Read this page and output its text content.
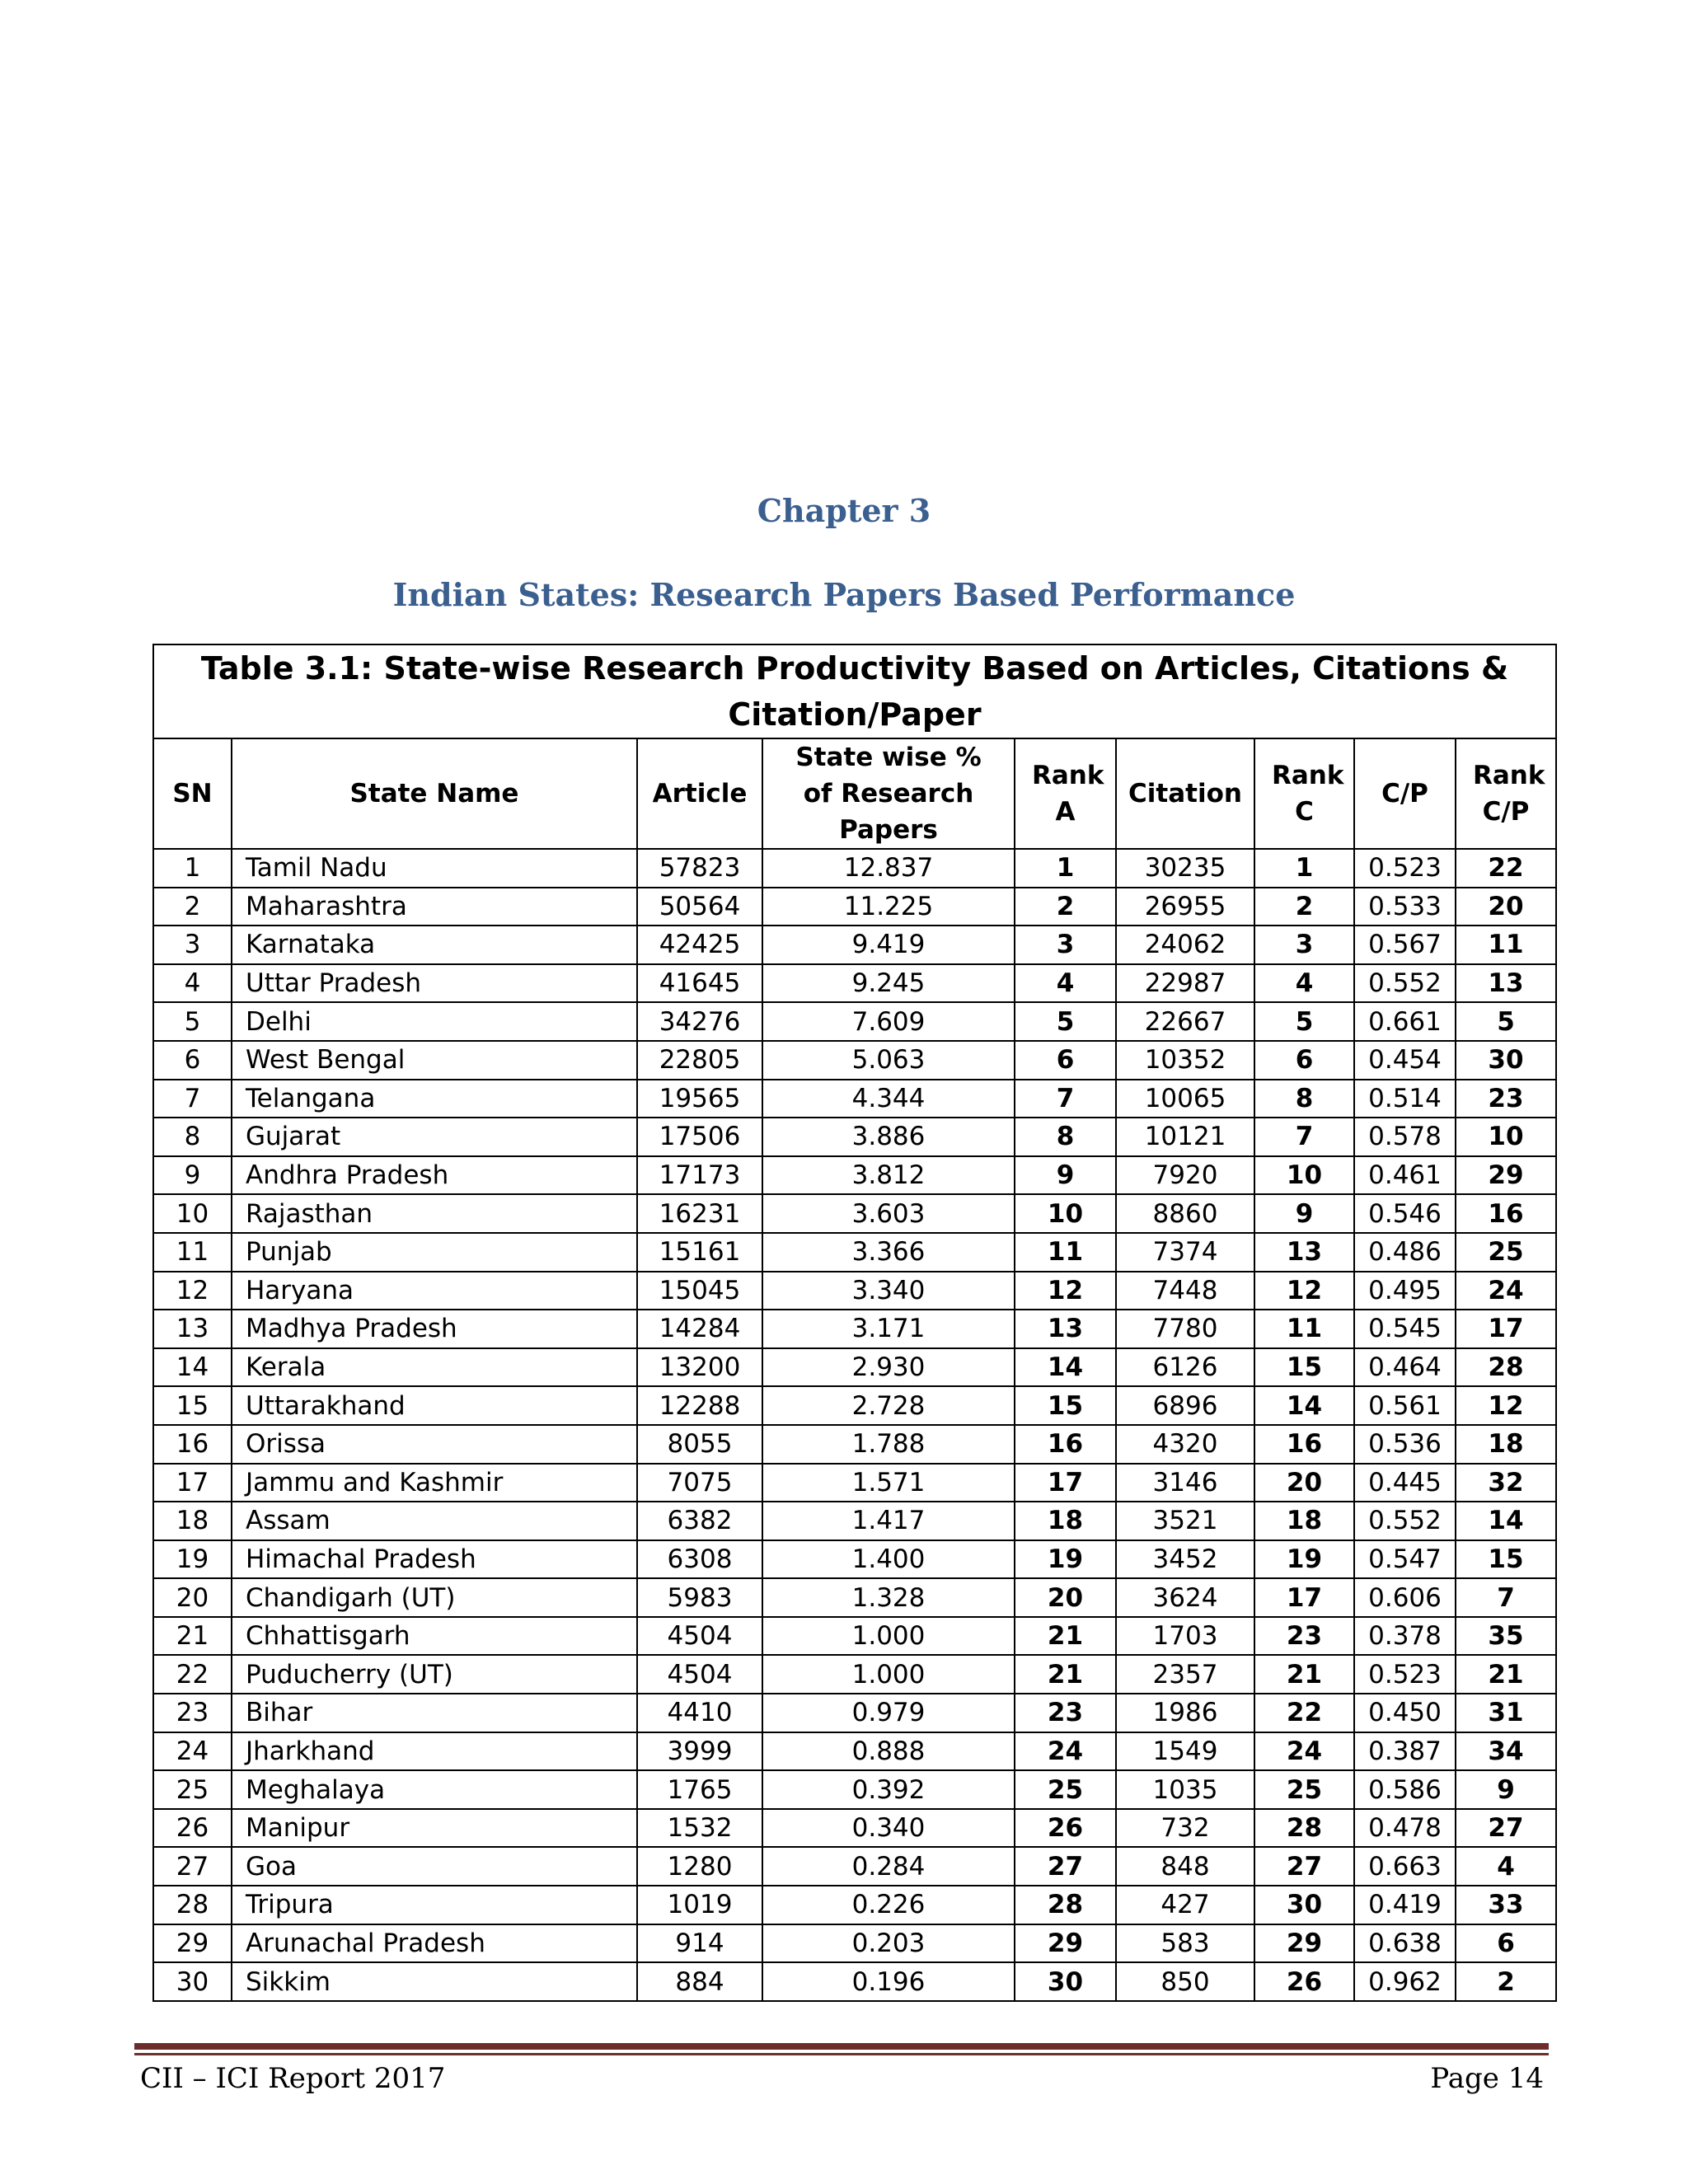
Chapter 3
Indian States: Research Papers Based Performance
Table 3.1: State-wise Research Productivity Based on Articles, Citations & Citation/Paper								
SN	State Name	Article	State wise % of Research Papers	Rank A	Citation	Rank C	C/P	Rank C/P
1	Tamil Nadu	57823	12.837	1	30235	1	0.523	22
2	Maharashtra	50564	11.225	2	26955	2	0.533	20
3	Karnataka	42425	9.419	3	24062	3	0.567	11
4	Uttar Pradesh	41645	9.245	4	22987	4	0.552	13
5	Delhi	34276	7.609	5	22667	5	0.661	5
6	West Bengal	22805	5.063	6	10352	6	0.454	30
7	Telangana	19565	4.344	7	10065	8	0.514	23
8	Gujarat	17506	3.886	8	10121	7	0.578	10
9	Andhra Pradesh	17173	3.812	9	7920	10	0.461	29
10	Rajasthan	16231	3.603	10	8860	9	0.546	16
11	Punjab	15161	3.366	11	7374	13	0.486	25
12	Haryana	15045	3.340	12	7448	12	0.495	24
13	Madhya Pradesh	14284	3.171	13	7780	11	0.545	17
14	Kerala	13200	2.930	14	6126	15	0.464	28
15	Uttarakhand	12288	2.728	15	6896	14	0.561	12
16	Orissa	8055	1.788	16	4320	16	0.536	18
17	Jammu and Kashmir	7075	1.571	17	3146	20	0.445	32
18	Assam	6382	1.417	18	3521	18	0.552	14
19	Himachal Pradesh	6308	1.400	19	3452	19	0.547	15
20	Chandigarh (UT)	5983	1.328	20	3624	17	0.606	7
21	Chhattisgarh	4504	1.000	21	1703	23	0.378	35
22	Puducherry (UT)	4504	1.000	21	2357	21	0.523	21
23	Bihar	4410	0.979	23	1986	22	0.450	31
24	Jharkhand	3999	0.888	24	1549	24	0.387	34
25	Meghalaya	1765	0.392	25	1035	25	0.586	9
26	Manipur	1532	0.340	26	732	28	0.478	27
27	Goa	1280	0.284	27	848	27	0.663	4
28	Tripura	1019	0.226	28	427	30	0.419	33
29	Arunachal Pradesh	914	0.203	29	583	29	0.638	6
30	Sikkim	884	0.196	30	850	26	0.962	2
CII – ICI Report 2017	Page 14
